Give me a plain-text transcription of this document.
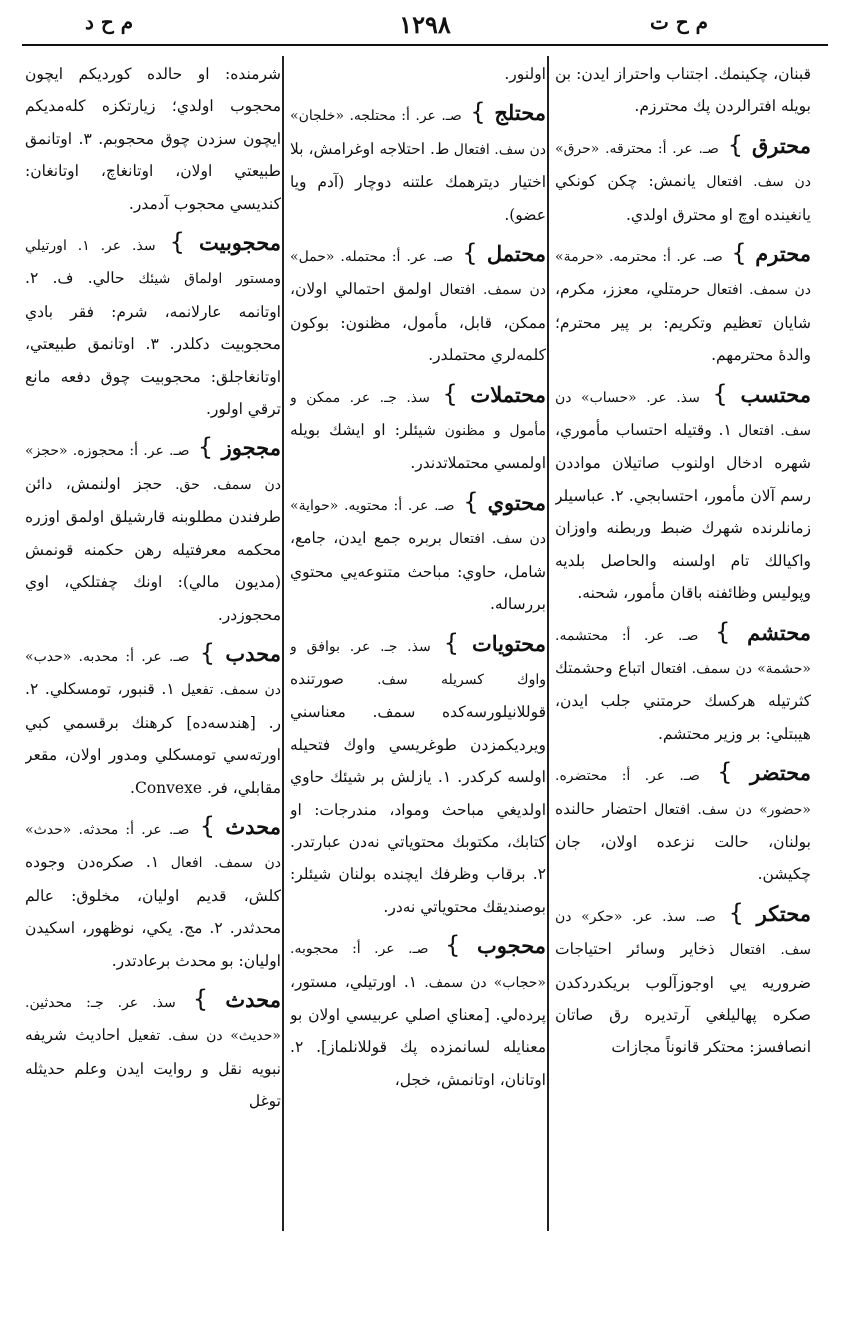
م ح د	١٢٩٨	م ح ت

قبنان، چکینمك. اجتناب واحتراز ايدن: بن بويله افترالردن پك محترزم.

محترق } صـ. عر. أ: محترقه. «حرق» دن سف. افتعال يانمش: چكن كونكي يانغينده اوچ او محترق اولدي.

محترم } صـ. عر. أ: محترمه. «حرمة» دن سمف. افتعال حرمتلي، معزز، مكرم، شايان تعظيم وتكريم: بر پير محترم؛ والدهٔ محترمهم.

محتسب } سذ. عر. «حساب» دن سف. افتعال ١. وقتيله احتساب مأموري، شهره ادخال اولنوب صاتيلان مواددن رسم آلان مأمور، احتسابجي. ٢. عباسيلر زمانلرنده شهرك ضبط وربطنه واوزان واكيالك تام اولسنه والحاصل بلديه وپوليس وظائفنه باقان مأمور، شحنه.

محتشم } صـ. عر. أ: محتشمه. «حشمة» دن سمف. افتعال اتباع وحشمتك كثرتيله هركسك حرمتني جلب ايدن، هيبتلي: بر وزير محتشم.

محتضر } صـ. عر. أ: محتضره. «حضور» دن سف. افتعال احتضار حالنده بولنان، حالت نزعده اولان، جان چكيشن.

محتكر } صـ. سذ. عر. «حكر» دن سف. افتعال ذخاير وسائر احتياجات ضروريه يي اوجوزآلوب بريكدردكدن صكره پهاليلغي آرتديره رق صاتان انصافسز: محتكر قانوناً مجازات

اولنور.

محتلج } صـ. عر. أ: محتلجه. «خلجان» دن سف. افتعال ط. احتلاجه اوغرامش، بلا اختيار ديترهمك علتنه دوچار (آدم ويا عضو).

محتمل } صـ. عر. أ: محتمله. «حمل» دن سمف. افتعال اولمق احتمالي اولان، ممكن، قابل، مأمول، مظنون: بوكون كلمه‌لري محتملدر.

محتملات } سذ. جـ. عر. ممكن و مأمول و مظنون شيئلر: او ايشك بويله اولمسي محتملاتدندر.

محتوي } صـ. عر. أ: محتويه. «حواية» دن سف. افتعال بربره جمع ايدن، جامع، شامل، حاوي: مباحث متنوعه‌يي محتوي بررساله.

محتويات } سذ. جـ. عر. بوافق و واوك كسريله سف. صورتنده قوللانيلورسه‌كده سمف. معناسني ويرديكمزدن طوغريسي واوك فتحيله اولسه كركدر. ١. يازلش بر شيئك حاوي اولديغي مباحث ومواد، مندرجات: او كتابك، مكتوبك محتوياتي نه‌دن عبارتدر. ٢. برقاب وظرفك ايچنده بولنان شيئلر: بوصنديقك محتوياتي نه‌در.

محجوب } صـ. عر. أ: محجوبه. «حجاب» دن سمف. ١. اورتيلي، مستور، پرده‌لي. [معناي اصلي عربيسي اولان بو معنايله لسانمزده پك قوللانلماز]. ٢. اوتانان، اوتانمش، خجل،

شرمنده: او حالده كورديكم ايچون محجوب اولدي؛ زيارتكزه كله‌مديكم ايچون سزدن چوق محجوبم. ٣. اوتانمق طبيعتي اولان، اوتانغاچ، اوتانغان: كنديسي محجوب آدمدر.

محجوبيت } سذ. عر. ١. اورتيلي ومستور اولماق شيئك حالي. ف. ٢. اوتانمه عارلانمه، شرم: فقر بادي محجوبيت دكلدر. ٣. اوتانمق طبيعتي، اوتانغاجلق: محجوبيت چوق دفعه مانع ترقي اولور.

مججوز } صـ. عر. أ: محجوزه. «حجز» دن سمف. حق. حجز اولنمش، دائن طرفندن مطلوبنه قارشيلق اولمق اوزره محكمه معرفتيله رهن حكمنه قونمش (مديون مالي): اونك چفتلكي، اوي محجوزدر.

محدب } صـ. عر. أ: محدبه. «حدب» دن سمف. تفعيل ١. قنبور، تومسكلي. ٢. ر. [هندسه‌ده] كرهنك برقسمي كبي اورته‌سي تومسكلي ومدور اولان، مقعر مقابلي، فر. Convexe.

محدث } صـ. عر. أ: محدثه. «حدث» دن سمف. افعال ١. صكره‌دن وجوده كلش، قديم اوليان، مخلوق: عالم محدثدر. ٢. مج. يكي، نوظهور، اسكيدن اوليان: بو محدث برعادتدر.

محدث } سذ. عر. جـ: محدثين. «حديث» دن سف. تفعيل احاديث شريفه نبويه نقل و روايت ايدن وعلم حديثله توغل
